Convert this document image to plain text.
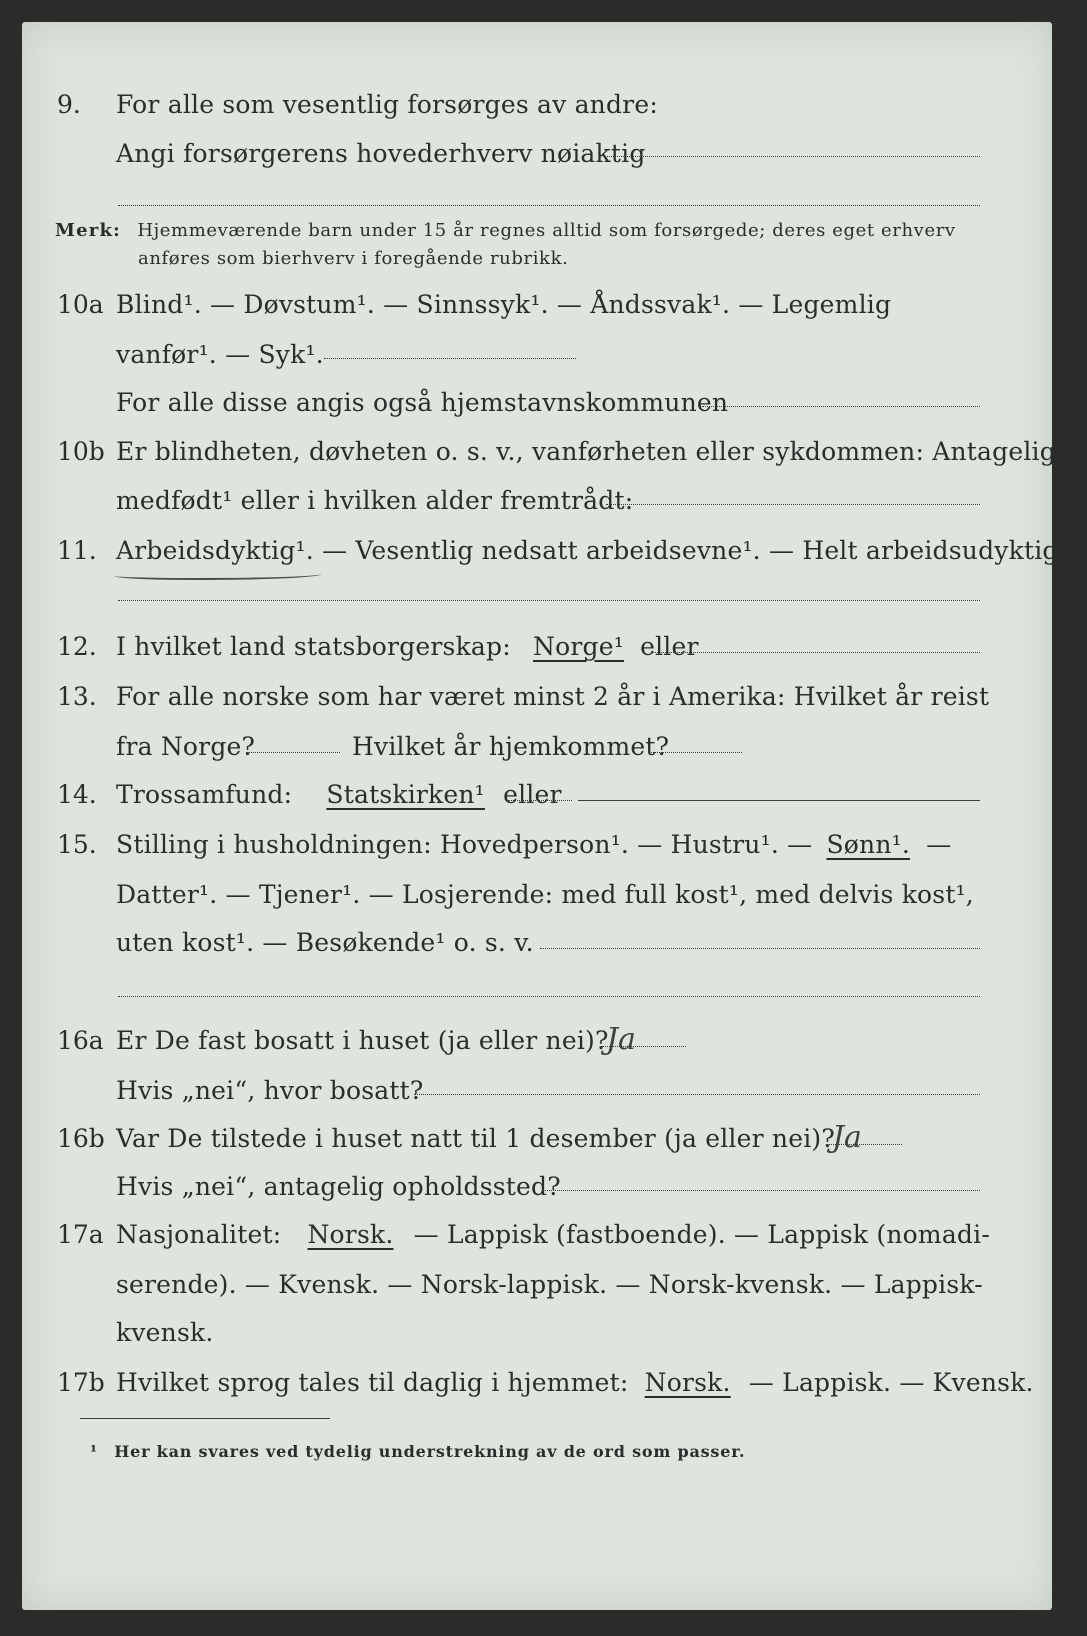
9. For alle som vesentlig forsørges av andre:
Angi forsørgerens hovederhverv nøiaktig
Merk: Hjemmeværende barn under 15 år regnes alltid som forsørgede; deres eget erhverv
anføres som bierhverv i foregående rubrikk.
10a Blind¹. — Døvstum¹. — Sinnssyk¹. — Åndssvak¹. — Legemlig
vanfør¹. — Syk¹.
For alle disse angis også hjemstavnskommunen
10b Er blindheten, døvheten o. s. v., vanførheten eller sykdommen: Antagelig
medfødt¹ eller i hvilken alder fremtrådt:
11. Arbeidsdyktig¹. — Vesentlig nedsatt arbeidsevne¹. — Helt arbeidsudyktig¹.
12. I hvilket land statsborgerskap: Norge¹ eller
13. For alle norske som har været minst 2 år i Amerika: Hvilket år reist
fra Norge?	Hvilket år hjemkommet?
14. Trossamfund: Statskirken¹ eller
15. Stilling i husholdningen: Hovedperson¹. — Hustru¹. — Sønn¹. —
Datter¹. — Tjener¹. — Losjerende: med full kost¹, med delvis kost¹,
uten kost¹. — Besøkende¹ o. s. v.
16a Er De fast bosatt i huset (ja eller nei)?
Ja
Hvis „nei“, hvor bosatt?
16b Var De tilstede i huset natt til 1 desember (ja eller nei)?
Ja
Hvis „nei“, antagelig opholdssted?
17a Nasjonalitet: Norsk. — Lappisk (fastboende). — Lappisk (nomadi-
serende). — Kvensk. — Norsk-lappisk. — Norsk-kvensk. — Lappisk-
kvensk.
17b Hvilket sprog tales til daglig i hjemmet: Norsk. — Lappisk. — Kvensk.
¹ Her kan svares ved tydelig understrekning av de ord som passer.
